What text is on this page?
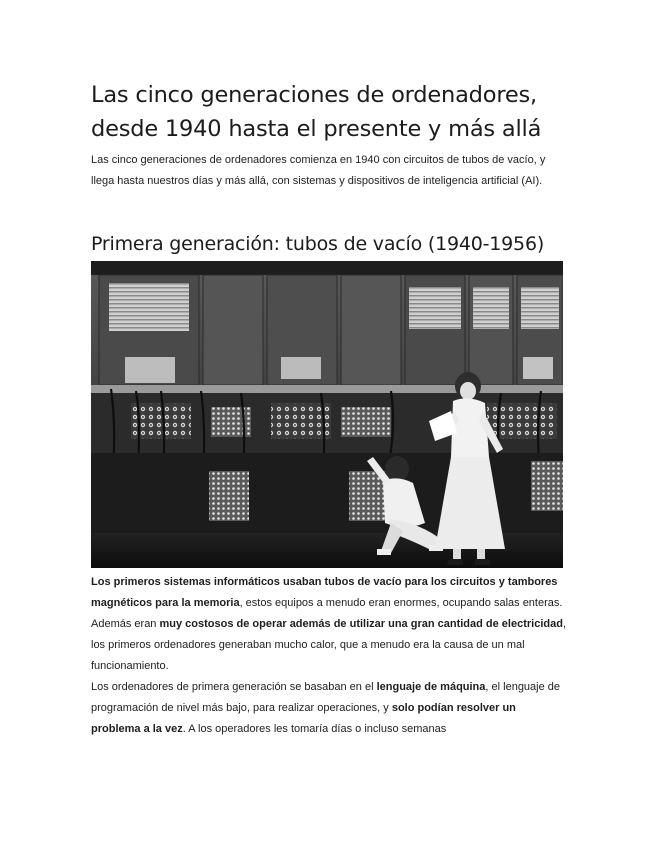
Las cinco generaciones de ordenadores, desde 1940 hasta el presente y más allá

Las cinco generaciones de ordenadores comienza en 1940 con circuitos de tubos de vacío, y llega hasta nuestros días y más allá, con sistemas y dispositivos de inteligencia artificial (AI).

Primera generación: tubos de vacío (1940-1956)

Los primeros sistemas informáticos usaban tubos de vacío para los circuitos y tambores magnéticos para la memoria, estos equipos a menudo eran enormes, ocupando salas enteras. Además eran muy costosos de operar además de utilizar una gran cantidad de electricidad, los primeros ordenadores generaban mucho calor, que a menudo era la causa de un mal funcionamiento.

Los ordenadores de primera generación se basaban en el lenguaje de máquina, el lenguaje de programación de nivel más bajo, para realizar operaciones, y solo podían resolver un problema a la vez. A los operadores les tomaría días o incluso semanas
